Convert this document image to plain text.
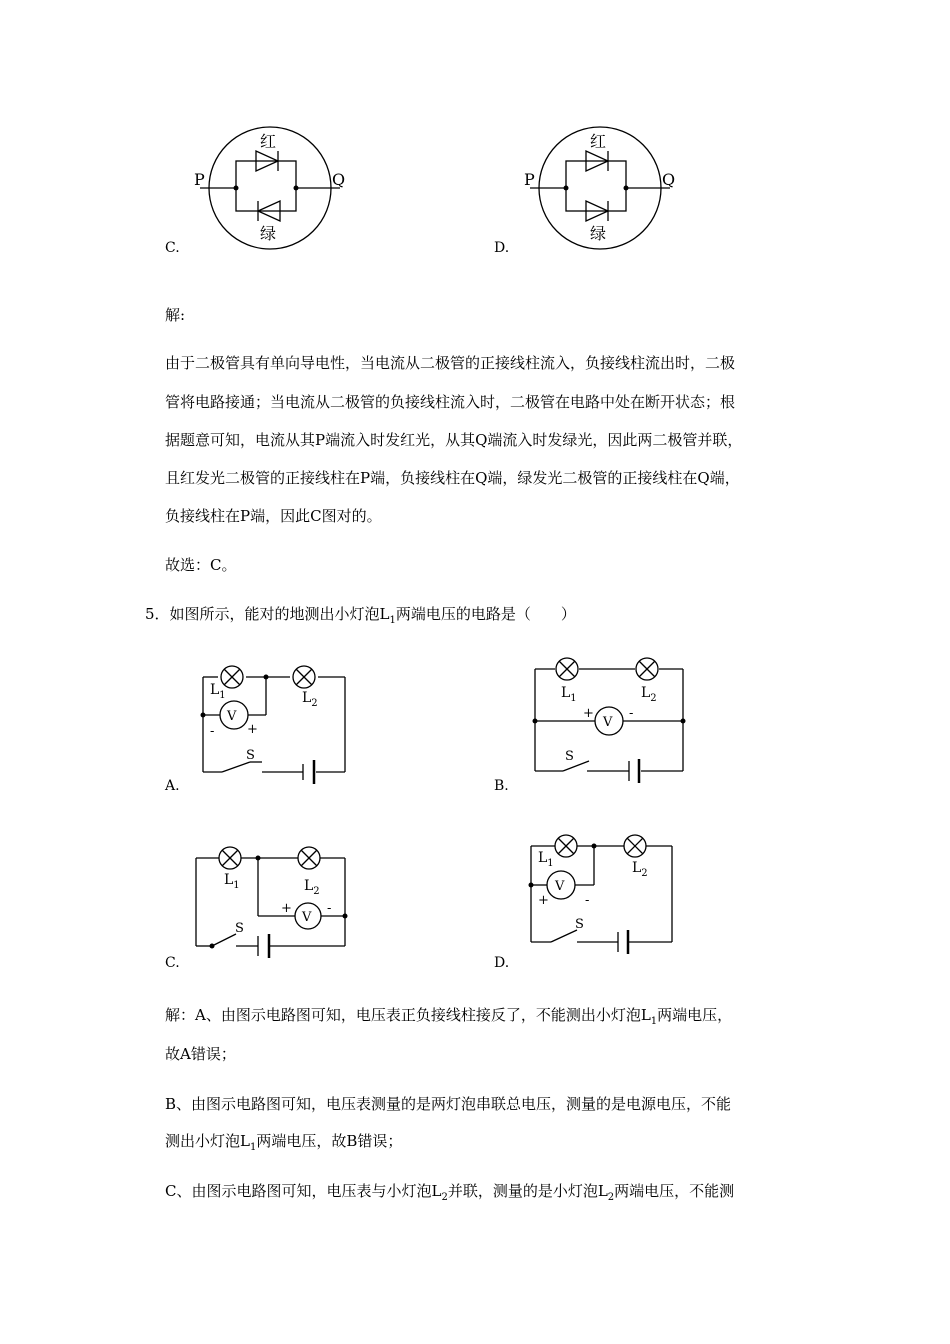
P	Q
红
绿
C.
P	Q
红
绿
D.
解:
由于二极管具有单向导电性，当电流从二极管的正接线柱流入，负接线柱流出时，二极
管将电路接通；当电流从二极管的负接线柱流入时，二极管在电路中处在断开状态；根
据题意可知，电流从其P端流入时发红光，从其Q端流入时发绿光，因此两二极管并联，
且红发光二极管的正接线柱在P端，负接线柱在Q端，绿发光二极管的正接线柱在Q端，
负接线柱在P端，因此C图对的。
故选：C。
5．如图所示，能对的地测出小灯泡$L_1$两端电压的电路是（　　）
V
$L_1$	$L_2$
-	+
S
A.
V
$L_1$	$L_2$
+	-
S
B.
V
$L_1$	$L_2$
+	-
S
C.
V
$L_1$	$L_2$
+	-
S
D.
解：A、由图示电路图可知，电压表正负接线柱接反了，不能测出小灯泡$L_1$两端电压，
故A错误；
B、由图示电路图可知，电压表测量的是两灯泡串联总电压，测量的是电源电压，不能
测出小灯泡$L_1$两端电压，故B错误；
C、由图示电路图可知，电压表与小灯泡$L_2$并联，测量的是小灯泡$L_2$两端电压，不能测
